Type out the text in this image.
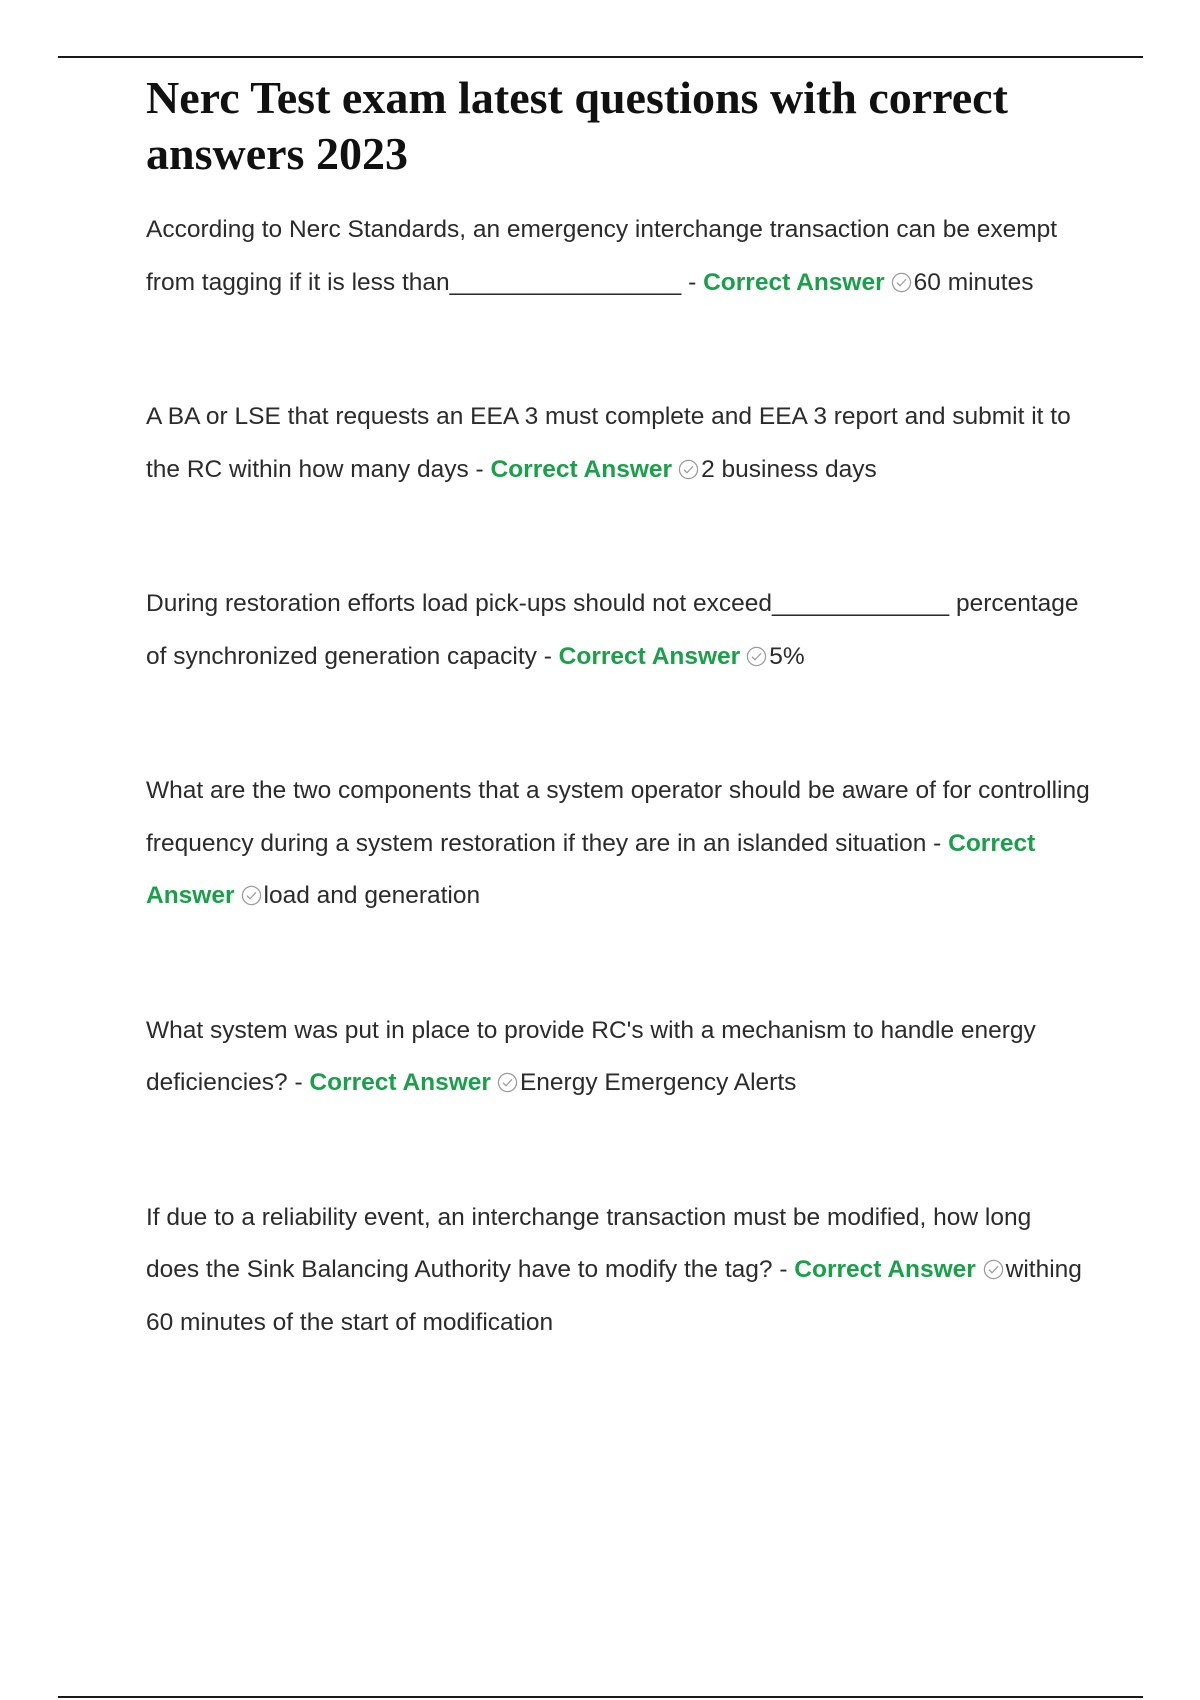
Nerc Test exam latest questions with correct answers 2023

According to Nerc Standards, an emergency interchange transaction can be exempt from tagging if it is less than_________________ - Correct Answer 60 minutes

A BA or LSE that requests an EEA 3 must complete and EEA 3 report and submit it to the RC within how many days - Correct Answer 2 business days

During restoration efforts load pick-ups should not exceed_____________ percentage of synchronized generation capacity - Correct Answer 5%

What are the two components that a system operator should be aware of for controlling frequency during a system restoration if they are in an islanded situation - Correct Answer load and generation

What system was put in place to provide RC's with a mechanism to handle energy deficiencies? - Correct Answer Energy Emergency Alerts

If due to a reliability event, an interchange transaction must be modified, how long does the Sink Balancing Authority have to modify the tag? - Correct Answer withing 60 minutes of the start of modification
